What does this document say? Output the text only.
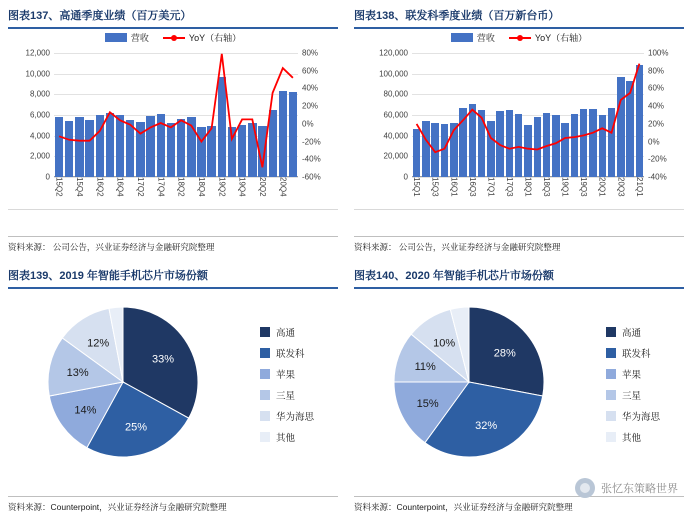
图表137、高通季度业绩（百万美元）
营收	YoY（右轴）
0
2,000
4,000
6,000
8,000
10,000
12,000
-60%
-40%
-20%
0%
20%
40%
60%
80%
15Q2 15Q4 16Q2 16Q4 17Q2 17Q4 18Q2 18Q4 19Q2 19Q4 20Q2 20Q4
资料来源： 公司公告，兴业证券经济与金融研究院整理
图表138、联发科季度业绩（百万新台币）
营收	YoY（右轴）
0
20,000
40,000
60,000
80,000
100,000
120,000
-40%
-20%
0%
20%
40%
60%
80%
100%
15Q1 15Q3 16Q1 16Q3 17Q1 17Q3 18Q1 18Q3 19Q1 19Q3 20Q1 20Q3 21Q1
资料来源： 公司公告，兴业证券经济与金融研究院整理
图表139、2019 年智能手机芯片市场份额
33%
25%
14%
13%
12%
高通
联发科
苹果
三星
华为海思
其他
资料来源：Counterpoint，兴业证券经济与金融研究院整理
图表140、2020 年智能手机芯片市场份额
28%
32%
15%
11%
10%
高通
联发科
苹果
三星
华为海思
其他
资料来源：Counterpoint，兴业证券经济与金融研究院整理
张忆东策略世界
